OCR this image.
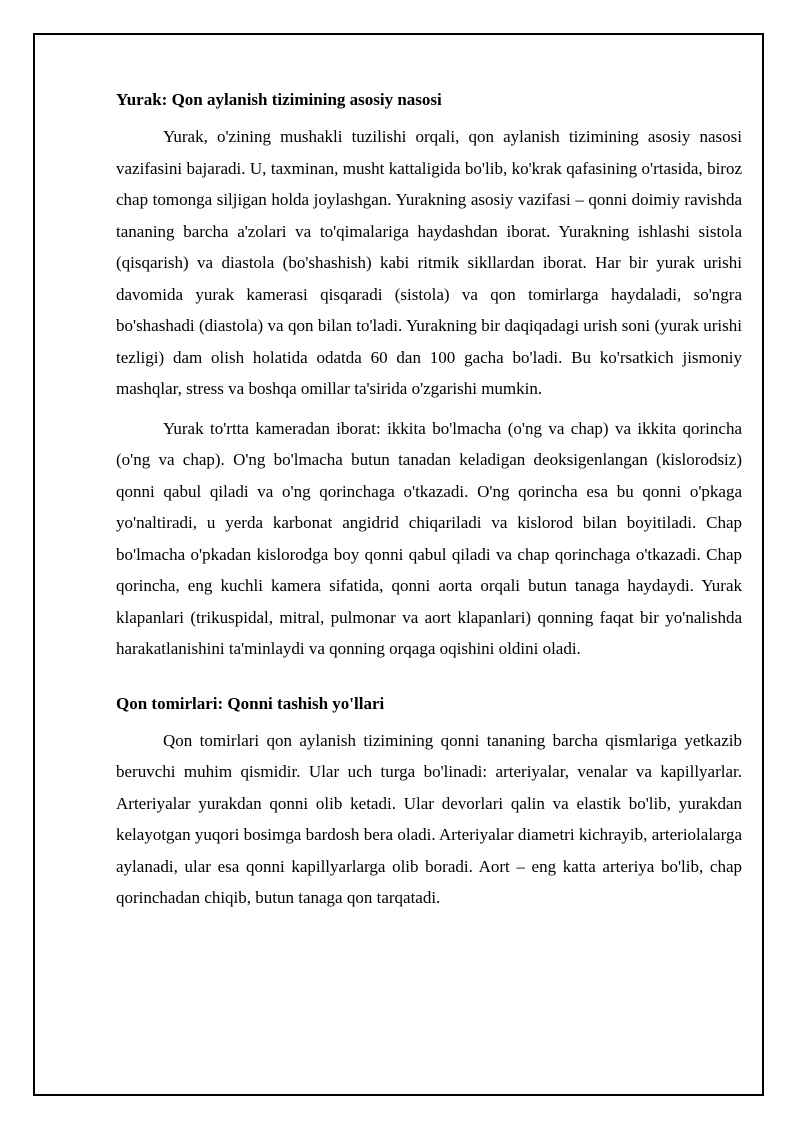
Yurak: Qon aylanish tizimining asosiy nasosi

Yurak, o'zining mushakli tuzilishi orqali, qon aylanish tizimining asosiy nasosi vazifasini bajaradi. U, taxminan, musht kattaligida bo'lib, ko'krak qafasining o'rtasida, biroz chap tomonga siljigan holda joylashgan. Yurakning asosiy vazifasi – qonni doimiy ravishda tananing barcha a'zolari va to'qimalariga haydashdan iborat. Yurakning ishlashi sistola (qisqarish) va diastola (bo'shashish) kabi ritmik sikllardan iborat. Har bir yurak urishi davomida yurak kamerasi qisqaradi (sistola) va qon tomirlarga haydaladi, so'ngra bo'shashadi (diastola) va qon bilan to'ladi. Yurakning bir daqiqadagi urish soni (yurak urishi tezligi) dam olish holatida odatda 60 dan 100 gacha bo'ladi. Bu ko'rsatkich jismoniy mashqlar, stress va boshqa omillar ta'sirida o'zgarishi mumkin.

Yurak to'rtta kameradan iborat: ikkita bo'lmacha (o'ng va chap) va ikkita qorincha (o'ng va chap). O'ng bo'lmacha butun tanadan keladigan deoksigenlangan (kislorodsiz) qonni qabul qiladi va o'ng qorinchaga o'tkazadi. O'ng qorincha esa bu qonni o'pkaga yo'naltiradi, u yerda karbonat angidrid chiqariladi va kislorod bilan boyitiladi. Chap bo'lmacha o'pkadan kislorodga boy qonni qabul qiladi va chap qorinchaga o'tkazadi. Chap qorincha, eng kuchli kamera sifatida, qonni aorta orqali butun tanaga haydaydi. Yurak klapanlari (trikuspidal, mitral, pulmonar va aort klapanlari) qonning faqat bir yo'nalishda harakatlanishini ta'minlaydi va qonning orqaga oqishini oldini oladi.

Qon tomirlari: Qonni tashish yo'llari

Qon tomirlari qon aylanish tizimining qonni tananing barcha qismlariga yetkazib beruvchi muhim qismidir. Ular uch turga bo'linadi: arteriyalar, venalar va kapillyarlar. Arteriyalar yurakdan qonni olib ketadi. Ular devorlari qalin va elastik bo'lib, yurakdan kelayotgan yuqori bosimga bardosh bera oladi. Arteriyalar diametri kichrayib, arteriolalarga aylanadi, ular esa qonni kapillyarlarga olib boradi. Aort – eng katta arteriya bo'lib, chap qorinchadan chiqib, butun tanaga qon tarqatadi.
